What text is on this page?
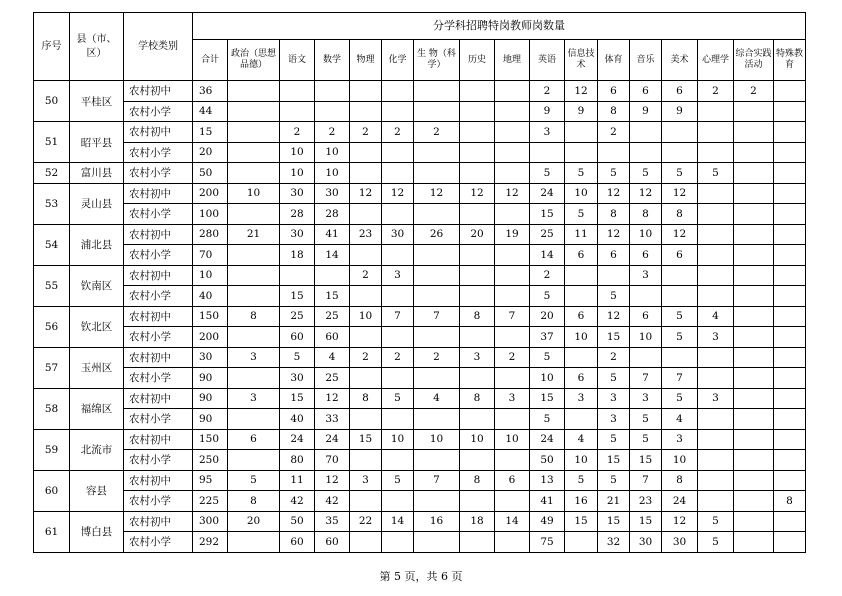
序号	县（市、区）	学校类别	分学科招聘特岗教师岗数量																
			合计	政治（思想品德）	语文	数学	物理	化学	生 物（科学）	历史	地理	英语	信息技术	体育	音乐	美术	心理学	综合实践活动	特殊教育
50	平桂区	农村初中	36									2	12	6	6	6	2	2	
		农村小学	44									9	9	8	9	9			
51	昭平县	农村初中	15		2	2	2	2	2			3		2					
		农村小学	20		10	10													
52	富川县	农村小学	50		10	10						5	5	5	5	5	5		
53	灵山县	农村初中	200	10	30	30	12	12	12	12	12	24	10	12	12	12			
		农村小学	100		28	28						15	5	8	8	8			
54	浦北县	农村初中	280	21	30	41	23	30	26	20	19	25	11	12	10	12			
		农村小学	70		18	14						14	6	6	6	6			
55	钦南区	农村初中	10				2	3				2			3				
		农村小学	40		15	15						5		5					
56	钦北区	农村初中	150	8	25	25	10	7	7	8	7	20	6	12	6	5	4		
		农村小学	200		60	60						37	10	15	10	5	3		
57	玉州区	农村初中	30	3	5	4	2	2	2	3	2	5		2					
		农村小学	90		30	25						10	6	5	7	7			
58	福绵区	农村初中	90	3	15	12	8	5	4	8	3	15	3	3	3	5	3		
		农村小学	90		40	33						5		3	5	4			
59	北流市	农村初中	150	6	24	24	15	10	10	10	10	24	4	5	5	3			
		农村小学	250		80	70						50	10	15	15	10			
60	容县	农村初中	95	5	11	12	3	5	7	8	6	13	5	5	7	8			
		农村小学	225	8	42	42						41	16	21	23	24			8
61	博白县	农村初中	300	20	50	35	22	14	16	18	14	49	15	15	15	12	5		
		农村小学	292		60	60						75		32	30	30	5		
第 5 页，共 6 页
